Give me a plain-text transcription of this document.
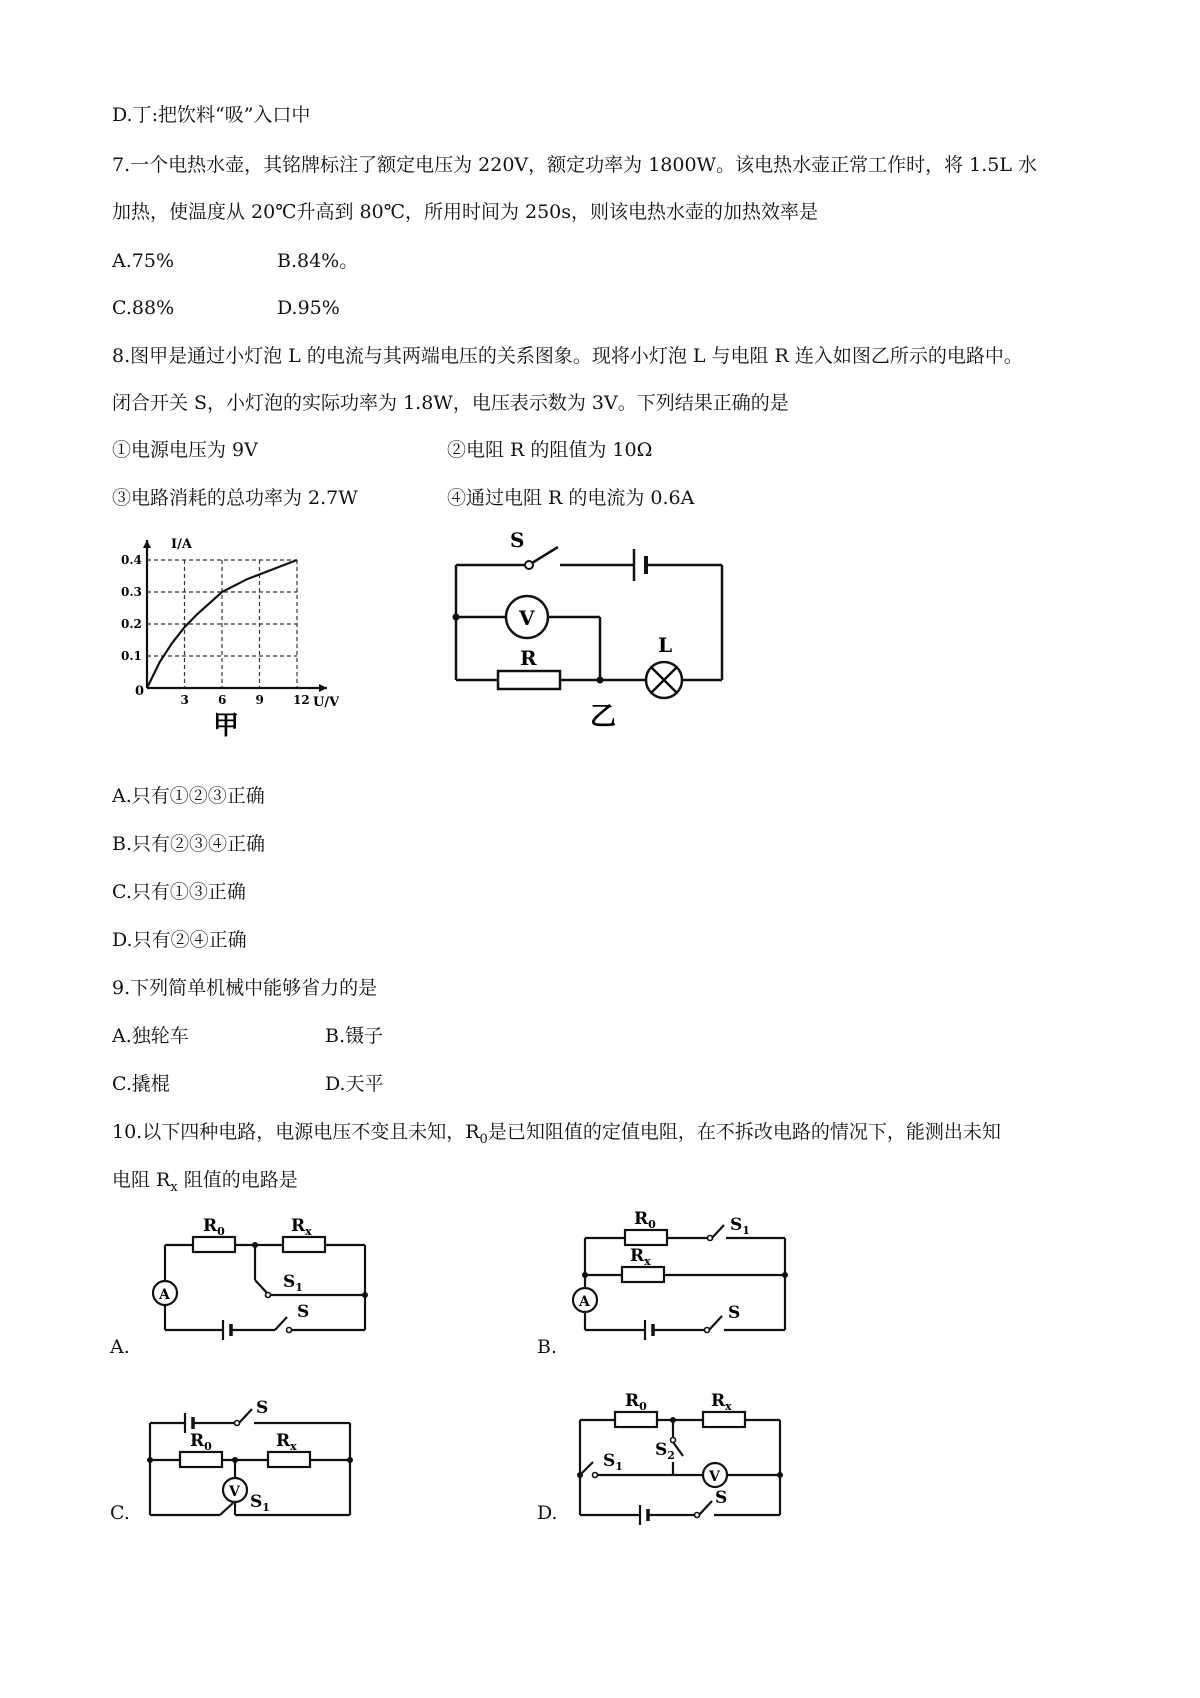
D.丁:把饮料“吸”入口中
7.一个电热水壶，其铭牌标注了额定电压为 220V，额定功率为 1800W。该电热水壶正常工作时，将 1.5L 水
加热，使温度从 20℃升高到 80℃，所用时间为 250s，则该电热水壶的加热效率是
A.75%	B.84%。
C.88%	D.95%
8.图甲是通过小灯泡 L 的电流与其两端电压的关系图象。现将小灯泡 L 与电阻 R 连入如图乙所示的电路中。
闭合开关 S，小灯泡的实际功率为 1.8W，电压表示数为 3V。下列结果正确的是
①电源电压为 9V	②电阻 R 的阻值为 10Ω
③电路消耗的总功率为 2.7W	④通过电阻 R 的电流为 0.6A
3 6 9 12
0.1
0.2
0.3
0.4
I/A
U/V
0
甲
S
V
R
L
乙
A.只有①②③正确
B.只有②③④正确
C.只有①③正确
D.只有②④正确
9.下列简单机械中能够省力的是
A.独轮车	B.镊子
C.撬棍	D.天平
10.以下四种电路，电源电压不变且未知，$R_0$是已知阻值的定值电阻，在不拆改电路的情况下，能测出未知
电阻 $R_x$ 阻值的电路是
$R_0$	$R_x$
$S_1$
A
S
A.
$R_0$	$S_1$
$R_x$
A
S
B.
S
$R_0$	$R_x$
V $S_1$
C.
$R_0$	$R_x$
$S_2$
$S_1$
V
S
D.
